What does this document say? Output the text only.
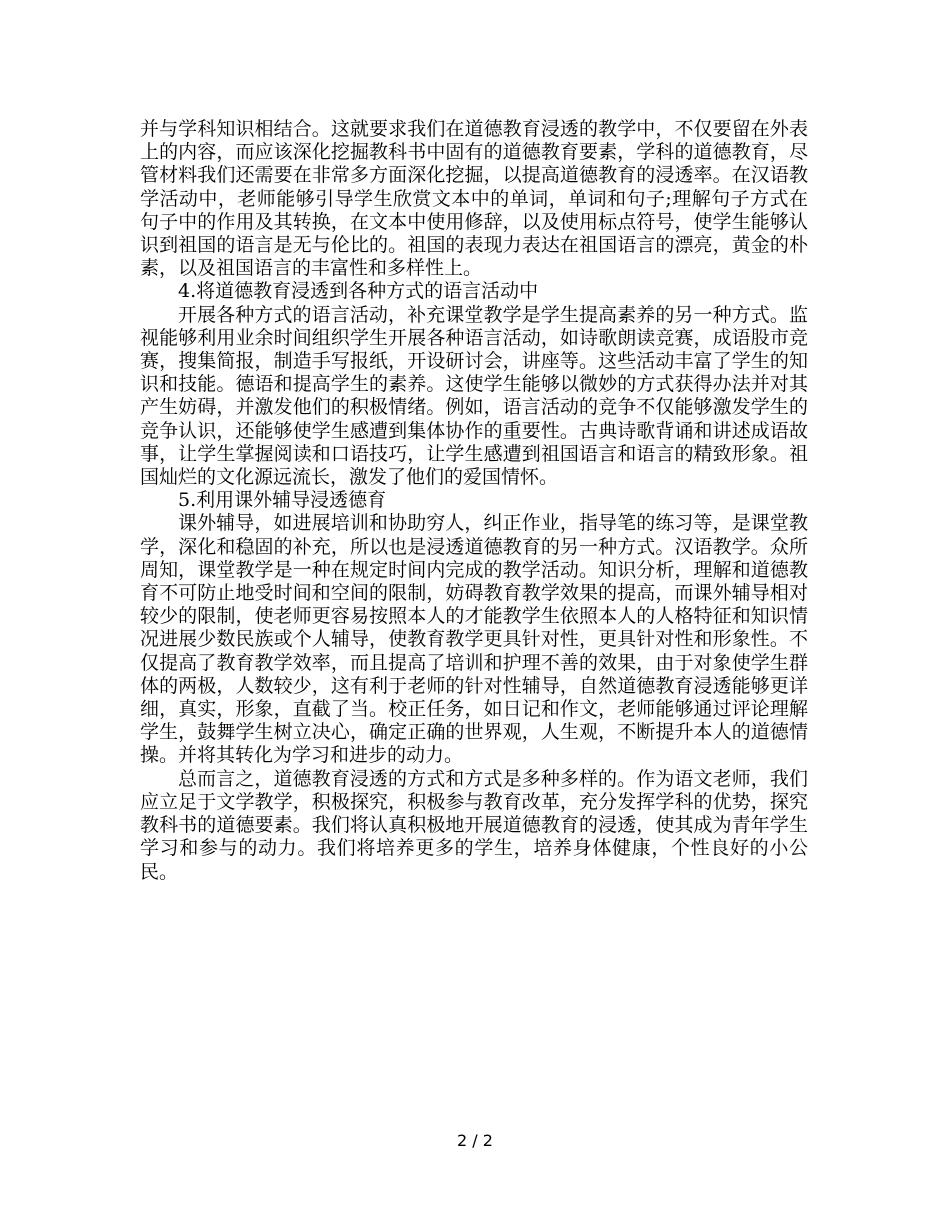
并与学科知识相结合。这就要求我们在道德教育浸透的教学中，不仅要留在外表上的内容，而应该深化挖掘教科书中固有的道德教育要素，学科的道德教育，尽管材料我们还需要在非常多方面深化挖掘，以提高道德教育的浸透率。在汉语教学活动中，老师能够引导学生欣赏文本中的单词，单词和句子;理解句子方式在句子中的作用及其转换，在文本中使用修辞，以及使用标点符号，使学生能够认识到祖国的语言是无与伦比的。祖国的表现力表达在祖国语言的漂亮，黄金的朴素，以及祖国语言的丰富性和多样性上。

4.将道德教育浸透到各种方式的语言活动中

开展各种方式的语言活动，补充课堂教学是学生提高素养的另一种方式。监视能够利用业余时间组织学生开展各种语言活动，如诗歌朗读竞赛，成语股市竞赛，搜集简报，制造手写报纸，开设研讨会，讲座等。这些活动丰富了学生的知识和技能。德语和提高学生的素养。这使学生能够以微妙的方式获得办法并对其产生妨碍，并激发他们的积极情绪。例如，语言活动的竞争不仅能够激发学生的竞争认识，还能够使学生感遭到集体协作的重要性。古典诗歌背诵和讲述成语故事，让学生掌握阅读和口语技巧，让学生感遭到祖国语言和语言的精致形象。祖国灿烂的文化源远流长，激发了他们的爱国情怀。

5.利用课外辅导浸透德育

课外辅导，如进展培训和协助穷人，纠正作业，指导笔的练习等，是课堂教学，深化和稳固的补充，所以也是浸透道德教育的另一种方式。汉语教学。众所周知，课堂教学是一种在规定时间内完成的教学活动。知识分析，理解和道德教育不可防止地受时间和空间的限制，妨碍教育教学效果的提高，而课外辅导相对较少的限制，使老师更容易按照本人的才能教学生依照本人的人格特征和知识情况进展少数民族或个人辅导，使教育教学更具针对性，更具针对性和形象性。不仅提高了教育教学效率，而且提高了培训和护理不善的效果，由于对象使学生群体的两极，人数较少，这有利于老师的针对性辅导，自然道德教育浸透能够更详细，真实，形象，直截了当。校正任务，如日记和作文，老师能够通过评论理解学生，鼓舞学生树立决心，确定正确的世界观，人生观，不断提升本人的道德情操。并将其转化为学习和进步的动力。

总而言之，道德教育浸透的方式和方式是多种多样的。作为语文老师，我们应立足于文学教学，积极探究，积极参与教育改革，充分发挥学科的优势，探究教科书的道德要素。我们将认真积极地开展道德教育的浸透，使其成为青年学生学习和参与的动力。我们将培养更多的学生，培养身体健康，个性良好的小公民。

2 / 2
